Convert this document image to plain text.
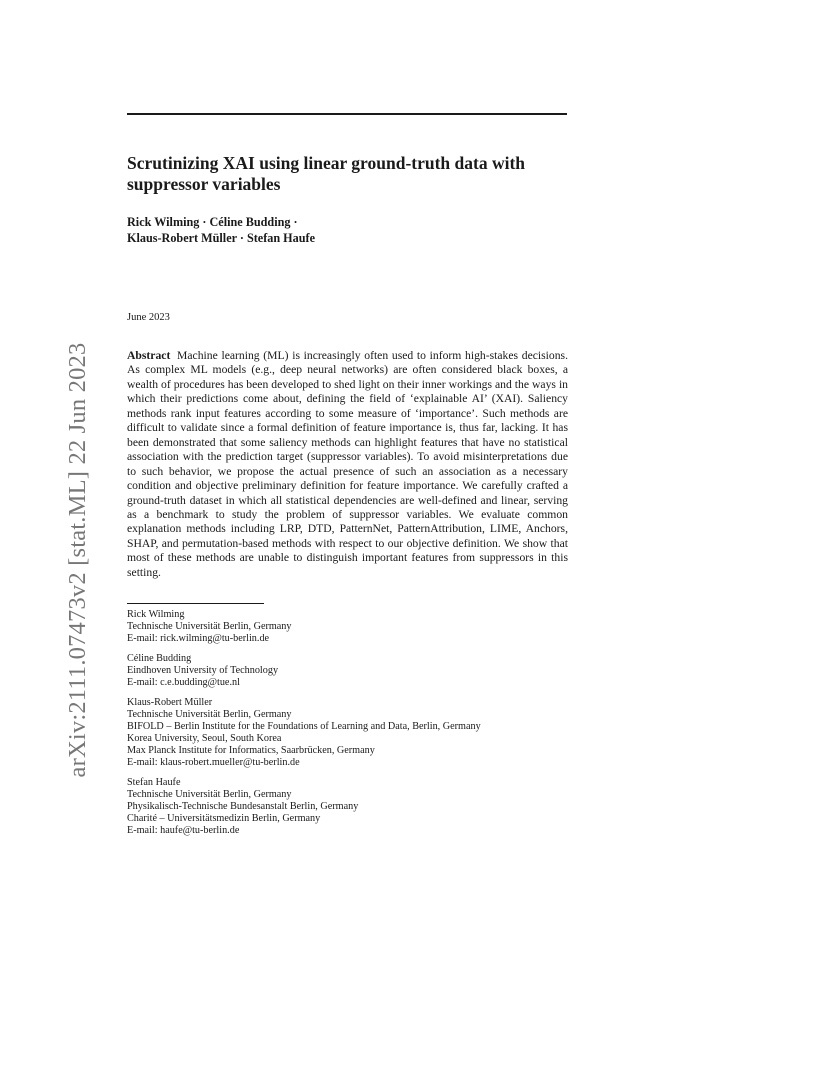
arXiv:2111.07473v2 [stat.ML] 22 Jun 2023
Scrutinizing XAI using linear ground-truth data with suppressor variables
Rick Wilming · Céline Budding ·
Klaus-Robert Müller · Stefan Haufe
June 2023
Abstract Machine learning (ML) is increasingly often used to inform high-stakes decisions. As complex ML models (e.g., deep neural networks) are often considered black boxes, a wealth of procedures has been developed to shed light on their inner workings and the ways in which their predictions come about, defining the field of ‘explainable AI’ (XAI). Saliency methods rank input features according to some measure of ‘importance’. Such methods are difficult to validate since a formal definition of feature importance is, thus far, lacking. It has been demonstrated that some saliency methods can highlight features that have no statistical association with the prediction target (suppressor variables). To avoid misinterpretations due to such behavior, we propose the actual presence of such an association as a necessary condition and objective preliminary definition for feature importance. We carefully crafted a ground-truth dataset in which all statistical dependencies are well-defined and linear, serving as a benchmark to study the problem of suppressor variables. We evaluate common explanation methods including LRP, DTD, PatternNet, PatternAttribution, LIME, Anchors, SHAP, and permutation-based methods with respect to our objective definition. We show that most of these methods are unable to distinguish important features from suppressors in this setting.
Rick Wilming
Technische Universität Berlin, Germany
E-mail: rick.wilming@tu-berlin.de
Céline Budding
Eindhoven University of Technology
E-mail: c.e.budding@tue.nl
Klaus-Robert Müller
Technische Universität Berlin, Germany
BIFOLD – Berlin Institute for the Foundations of Learning and Data, Berlin, Germany
Korea University, Seoul, South Korea
Max Planck Institute for Informatics, Saarbrücken, Germany
E-mail: klaus-robert.mueller@tu-berlin.de
Stefan Haufe
Technische Universität Berlin, Germany
Physikalisch-Technische Bundesanstalt Berlin, Germany
Charité – Universitätsmedizin Berlin, Germany
E-mail: haufe@tu-berlin.de
